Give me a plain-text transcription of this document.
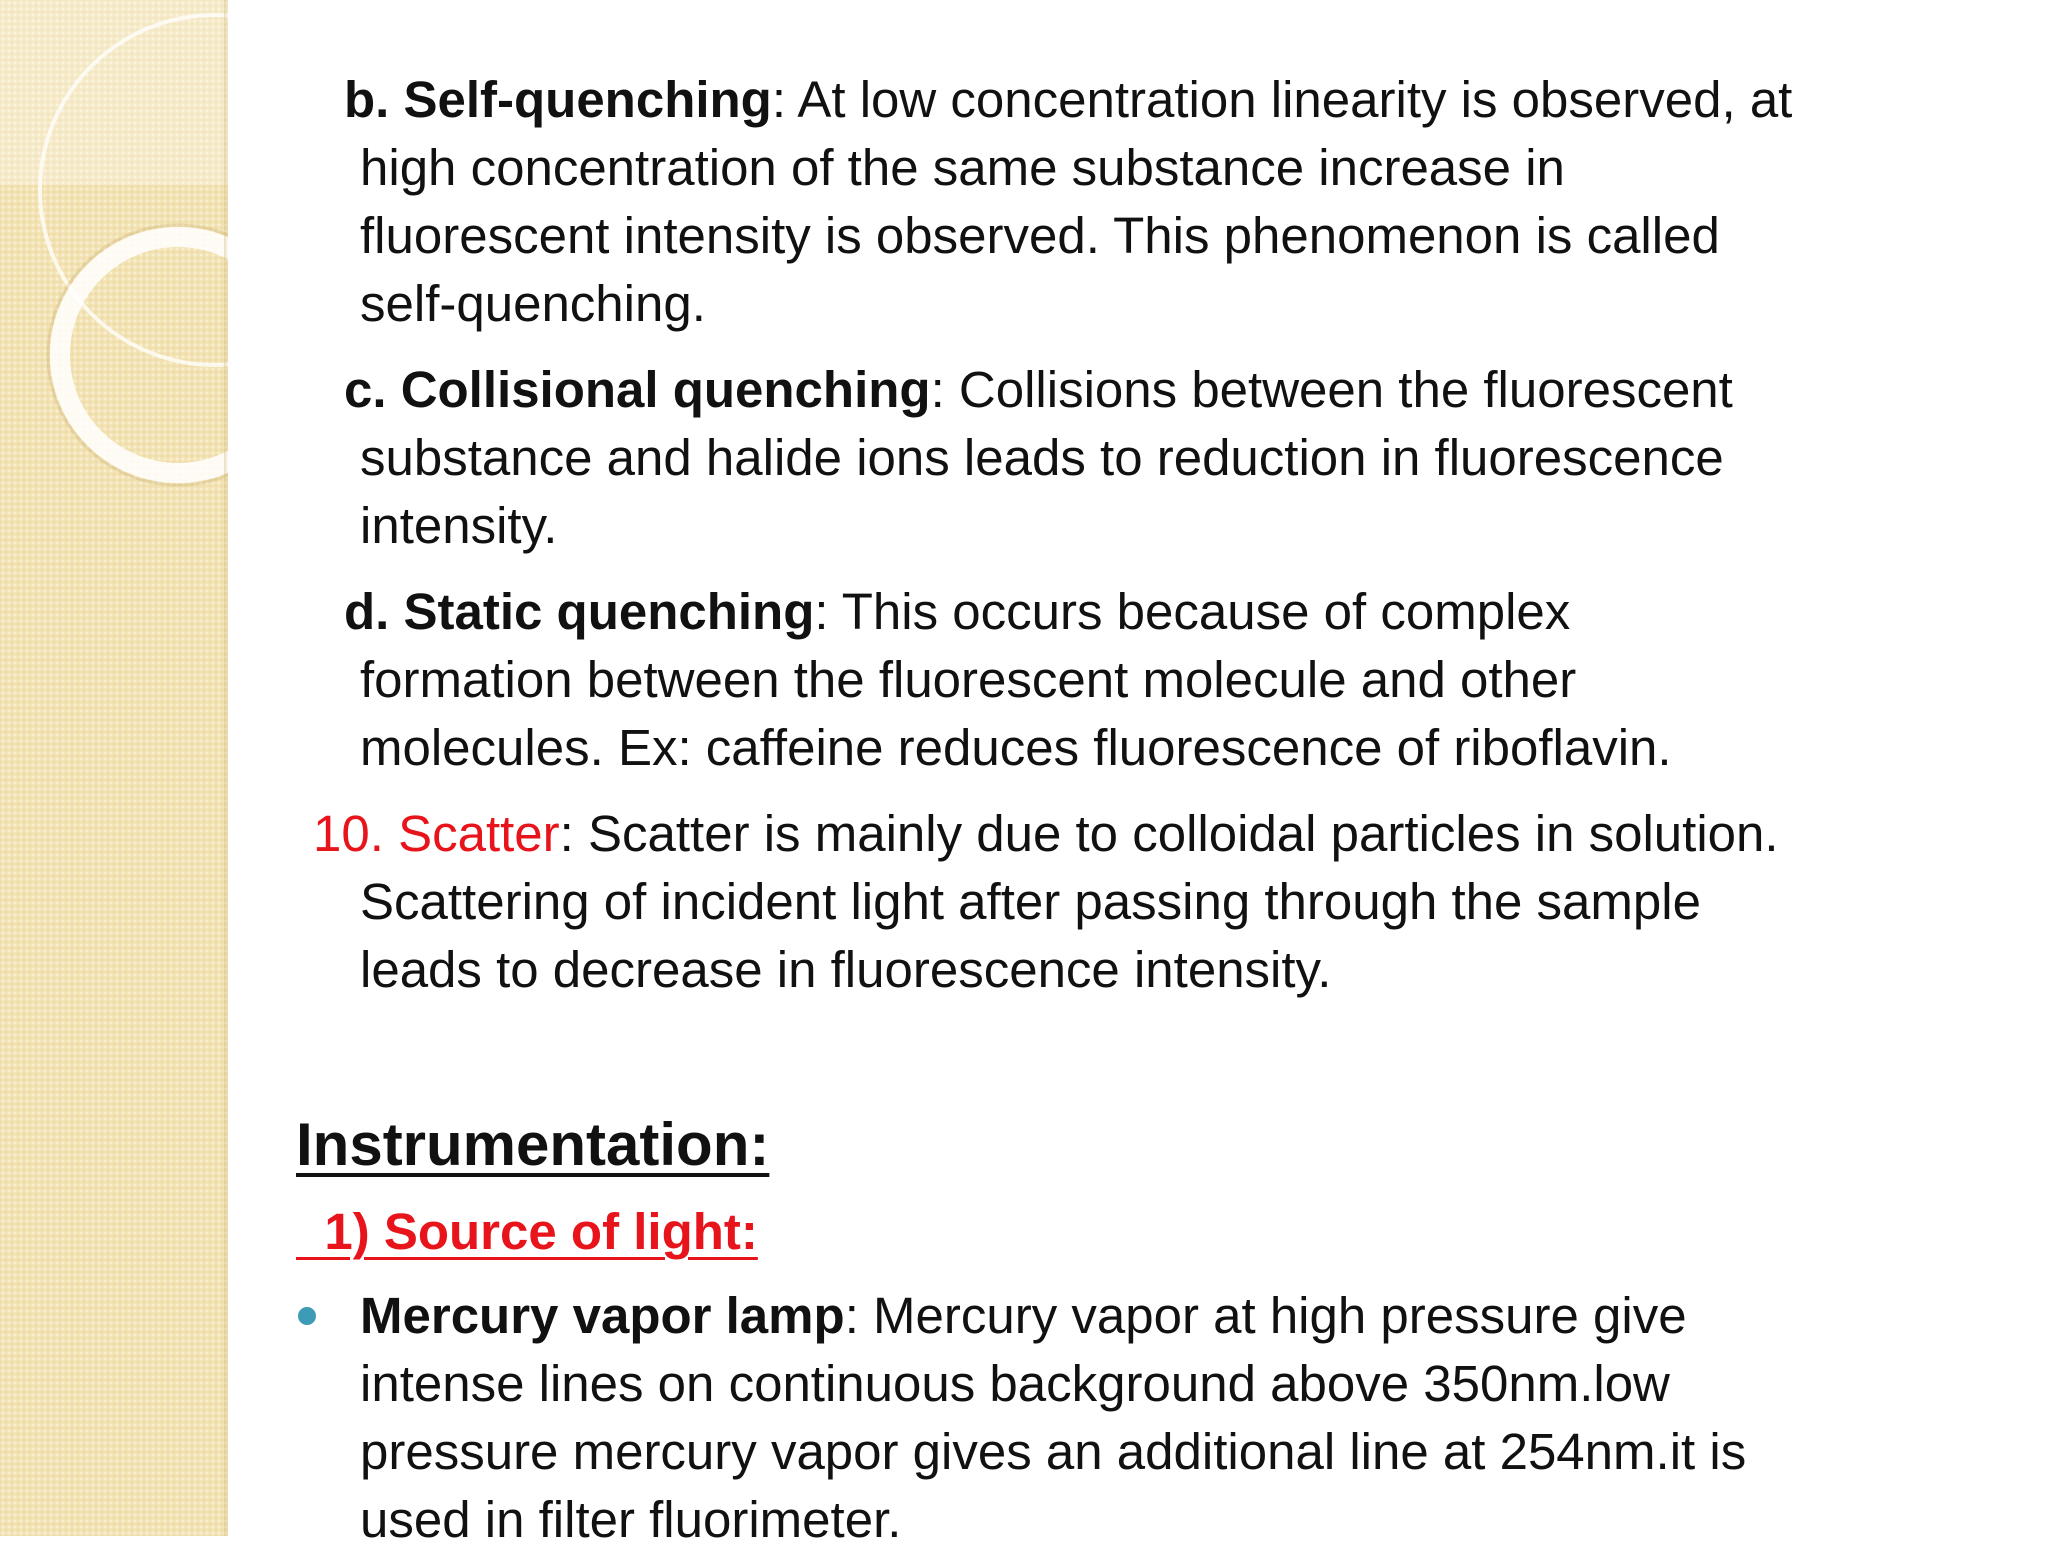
b. Self-quenching: At low concentration linearity is observed, at
high concentration of the same substance increase in
fluorescent intensity is observed. This phenomenon is called
self-quenching.
c. Collisional quenching: Collisions between the fluorescent
substance and halide ions leads to reduction in fluorescence
intensity.
d. Static quenching: This occurs because of complex
formation between the fluorescent molecule and other
molecules. Ex: caffeine reduces fluorescence of riboflavin.
10. Scatter: Scatter is mainly due to colloidal particles in solution.
Scattering of incident light after passing through the sample
leads to decrease in fluorescence intensity.
Instrumentation:
1) Source of light:
Mercury vapor lamp: Mercury vapor at high pressure give
intense lines on continuous background above 350nm.low
pressure mercury vapor gives an additional line at 254nm.it is
used in filter fluorimeter.
